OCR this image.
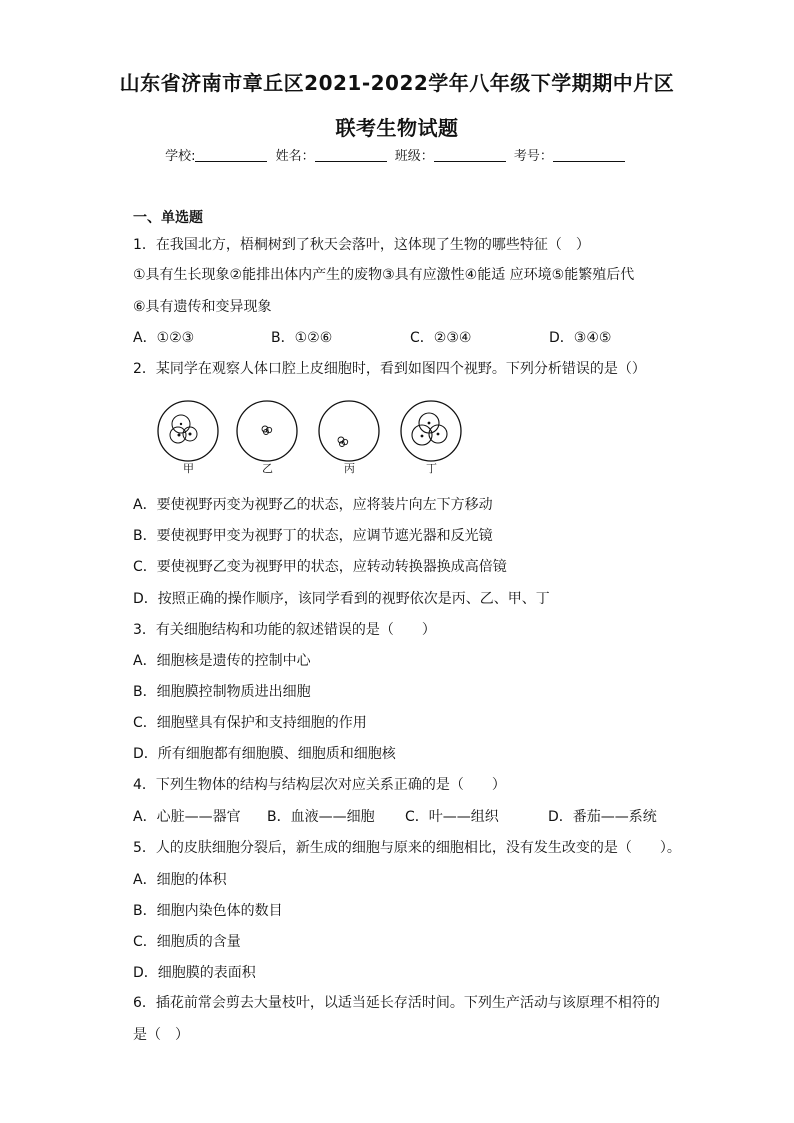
山东省济南市章丘区2021-2022学年八年级下学期期中片区
联考生物试题
学校:	姓名：	班级：	考号：
一、单选题
1．在我国北方，梧桐树到了秋天会落叶，这体现了生物的哪些特征（　）
①具有生长现象②能排出体内产生的废物③具有应激性④能适 应环境⑤能繁殖后代
⑥具有遗传和变异现象
A．①②③	B．①②⑥	C．②③④	D．③④⑤
2．某同学在观察人体口腔上皮细胞时，看到如图四个视野。下列分析错误的是（）
甲	乙	丙	丁
A．要使视野丙变为视野乙的状态，应将装片向左下方移动
B．要使视野甲变为视野丁的状态，应调节遮光器和反光镜
C．要使视野乙变为视野甲的状态，应转动转换器换成高倍镜
D．按照正确的操作顺序，该同学看到的视野依次是丙、乙、甲、丁
3．有关细胞结构和功能的叙述错误的是（　　）
A．细胞核是遗传的控制中心
B．细胞膜控制物质进出细胞
C．细胞壁具有保护和支持细胞的作用
D．所有细胞都有细胞膜、细胞质和细胞核
4．下列生物体的结构与结构层次对应关系正确的是（　　）
A．心脏——器官 B．血液——细胞 C．叶——组织	D．番茄——系统
5．人的皮肤细胞分裂后，新生成的细胞与原来的细胞相比，没有发生改变的是（　　）。
A．细胞的体积
B．细胞内染色体的数目
C．细胞质的含量
D．细胞膜的表面积
6．插花前常会剪去大量枝叶，以适当延长存活时间。下列生产活动与该原理不相符的
是（　）
